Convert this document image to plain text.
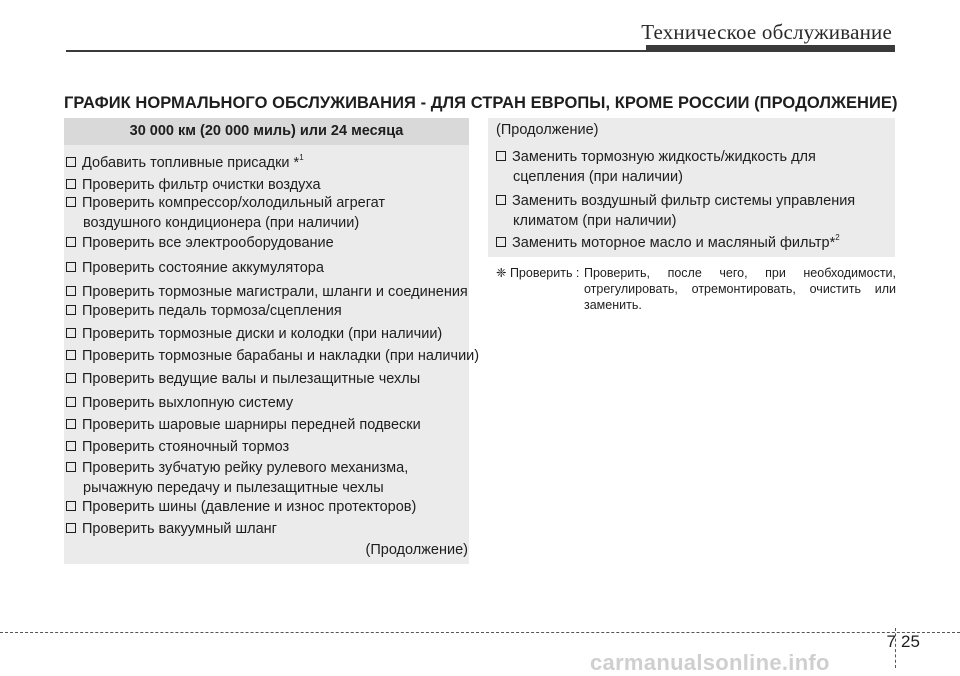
Техническое обслуживание
ГРАФИК НОРМАЛЬНОГО ОБСЛУЖИВАНИЯ - ДЛЯ СТРАН ЕВРОПЫ, КРОМЕ РОССИИ (ПРОДОЛЖЕНИЕ)
30 000 км (20 000 миль) или 24 месяца
Добавить топливные присадки *$^1$
Проверить фильтр очистки воздуха
Проверить компрессор/холодильный агрегат
воздушного кондиционера (при наличии)
Проверить все электрооборудование
Проверить состояние аккумулятора
Проверить тормозные магистрали, шланги и соединения
Проверить педаль тормоза/сцепления
Проверить тормозные диски и колодки (при наличии)
Проверить тормозные барабаны и накладки (при наличии)
Проверить ведущие валы и пылезащитные чехлы
Проверить выхлопную систему
Проверить шаровые шарниры передней подвески
Проверить стояночный тормоз
Проверить зубчатую рейку рулевого механизма,
рычажную передачу и пылезащитные чехлы
Проверить шины (давление и износ протекторов)
Проверить вакуумный шланг
(Продолжение)
(Продолжение)
Заменить тормозную жидкость/жидкость для
сцепления (при наличии)
Заменить воздушный фильтр системы управления
климатом (при наличии)
Заменить моторное масло и масляный фильтр*$^2$
❈ Проверить : Проверить, после чего, при необходимости, отрегулировать, отремонтировать, очистить или заменить.
7 25
carmanualsonline.info
